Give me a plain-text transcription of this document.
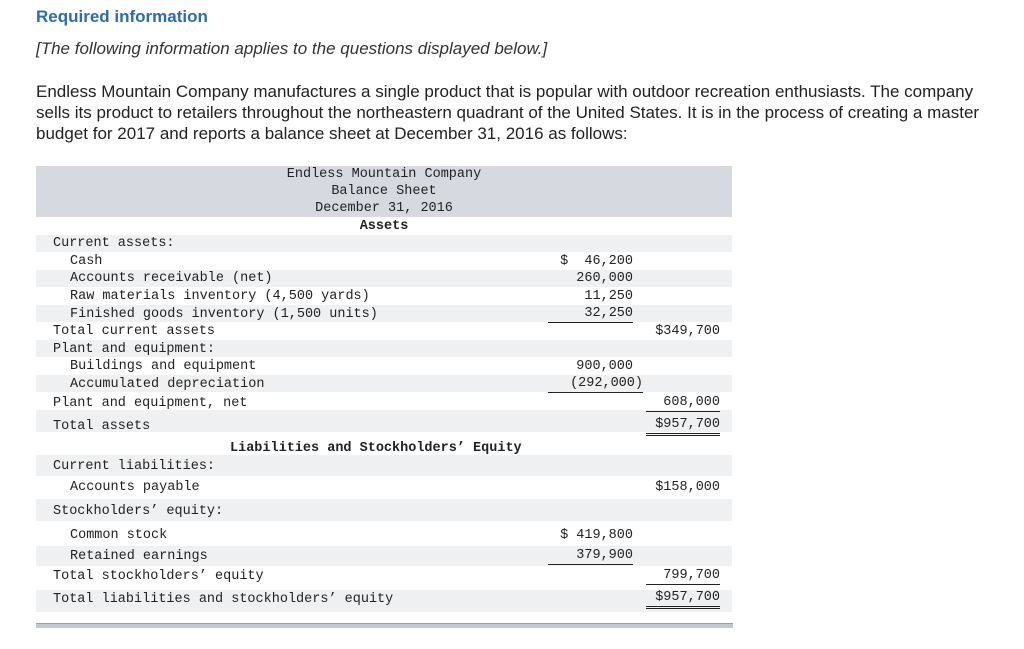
Required information
[The following information applies to the questions displayed below.]
Endless Mountain Company manufactures a single product that is popular with outdoor recreation enthusiasts. The company sells its product to retailers throughout the northeastern quadrant of the United States. It is in the process of creating a master budget for 2017 and reports a balance sheet at December 31, 2016 as follows:
Endless Mountain Company
Balance Sheet
December 31, 2016
Assets
Current assets:
Cash	$  46,200
Accounts receivable (net)	260,000
Raw materials inventory (4,500 yards)	11,250
Finished goods inventory (1,500 units)	32,250
Total current assets	$349,700
Plant and equipment:
Buildings and equipment	900,000
Accumulated depreciation	(292,000)
Plant and equipment, net	608,000
Total assets	$957,700
Liabilities and Stockholders’ Equity
Current liabilities:
Accounts payable	$158,000
Stockholders’ equity:
Common stock	$ 419,800
Retained earnings	379,900
Total stockholders’ equity	799,700
Total liabilities and stockholders’ equity	$957,700
